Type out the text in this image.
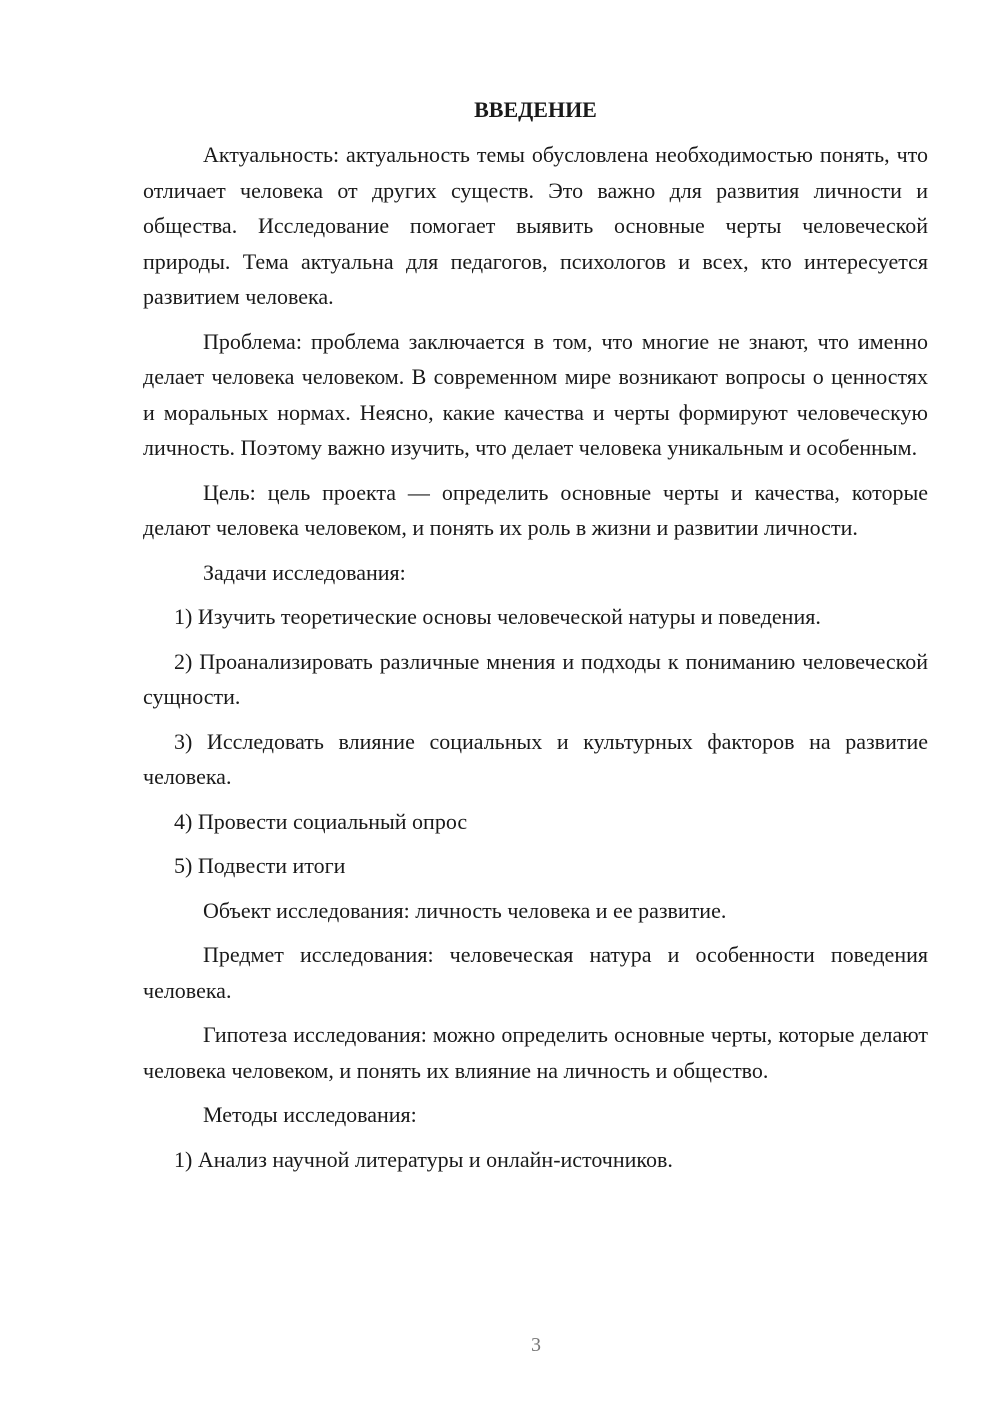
ВВЕДЕНИЕ

Актуальность: актуальность темы обусловлена необходимостью понять, что отличает человека от других существ. Это важно для развития личности и общества. Исследование помогает выявить основные черты человеческой природы. Тема актуальна для педагогов, психологов и всех, кто интересуется развитием человека.

Проблема: проблема заключается в том, что многие не знают, что именно делает человека человеком. В современном мире возникают вопросы о ценностях и моральных нормах. Неясно, какие качества и черты формируют человеческую личность. Поэтому важно изучить, что делает человека уникальным и особенным.

Цель: цель проекта — определить основные черты и качества, которые делают человека человеком, и понять их роль в жизни и развитии личности.

Задачи исследования:

1) Изучить теоретические основы человеческой натуры и поведения.

2) Проанализировать различные мнения и подходы к пониманию человеческой сущности.

3) Исследовать влияние социальных и культурных факторов на развитие человека.

4) Провести социальный опрос

5) Подвести итоги

Объект исследования: личность человека и ее развитие.

Предмет исследования: человеческая натура и особенности поведения человека.

Гипотеза исследования: можно определить основные черты, которые делают человека человеком, и понять их влияние на личность и общество.

Методы исследования:

1) Анализ научной литературы и онлайн-источников.

3
